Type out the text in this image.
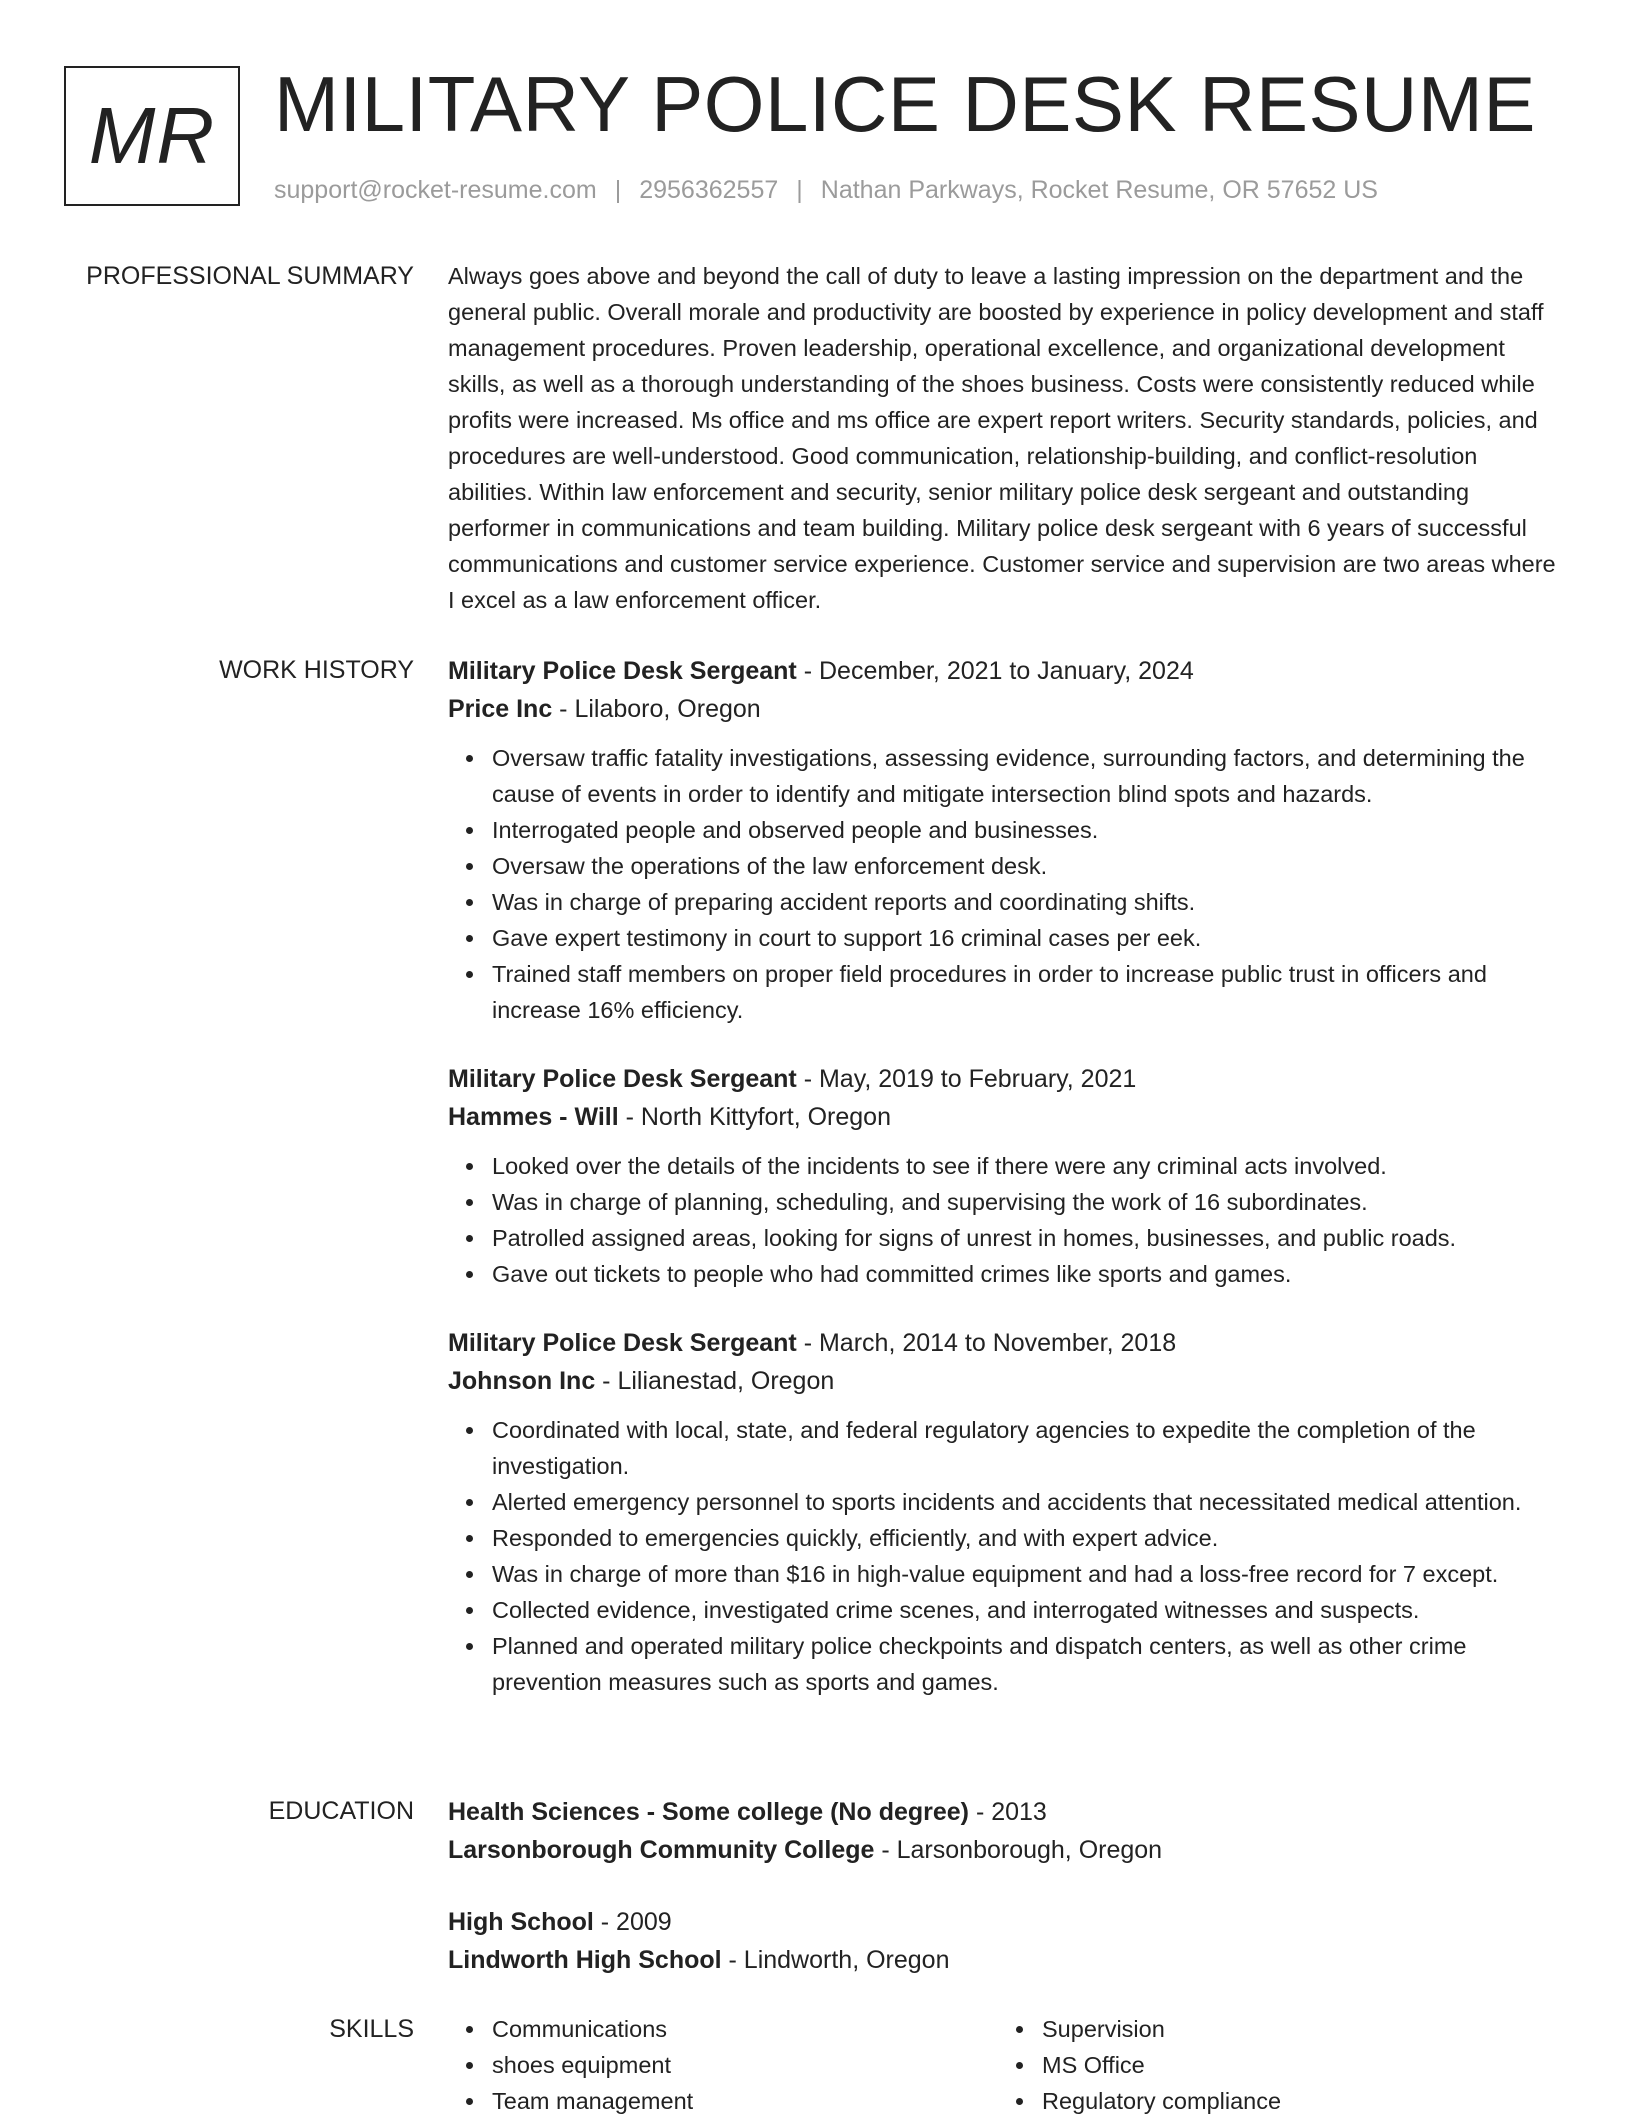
MR MILITARY POLICE DESK RESUME
support@rocket-resume.com | 2956362557 | Nathan Parkways, Rocket Resume, OR 57652 US
PROFESSIONAL SUMMARY Always goes above and beyond the call of duty to leave a lasting impression on the department and the general public. Overall morale and productivity are boosted by experience in policy development and staff management procedures. Proven leadership, operational excellence, and organizational development skills, as well as a thorough understanding of the shoes business. Costs were consistently reduced while profits were increased. Ms office and ms office are expert report writers. Security standards, policies, and procedures are well-understood. Good communication, relationship-building, and conflict-resolution abilities. Within law enforcement and security, senior military police desk sergeant and outstanding performer in communications and team building. Military police desk sergeant with 6 years of successful communications and customer service experience. Customer service and supervision are two areas where I excel as a law enforcement officer.

WORK HISTORY Military Police Desk Sergeant - December, 2021 to January, 2024
Price Inc - Lilaboro, Oregon
Oversaw traffic fatality investigations, assessing evidence, surrounding factors, and determining the cause of events in order to identify and mitigate intersection blind spots and hazards.
Interrogated people and observed people and businesses.
Oversaw the operations of the law enforcement desk.
Was in charge of preparing accident reports and coordinating shifts.
Gave expert testimony in court to support 16 criminal cases per eek.
Trained staff members on proper field procedures in order to increase public trust in officers and increase 16% efficiency.
Military Police Desk Sergeant - May, 2019 to February, 2021
Hammes - Will - North Kittyfort, Oregon
Looked over the details of the incidents to see if there were any criminal acts involved.
Was in charge of planning, scheduling, and supervising the work of 16 subordinates.
Patrolled assigned areas, looking for signs of unrest in homes, businesses, and public roads.
Gave out tickets to people who had committed crimes like sports and games.
Military Police Desk Sergeant - March, 2014 to November, 2018
Johnson Inc - Lilianestad, Oregon
Coordinated with local, state, and federal regulatory agencies to expedite the completion of the investigation.
Alerted emergency personnel to sports incidents and accidents that necessitated medical attention.
Responded to emergencies quickly, efficiently, and with expert advice.
Was in charge of more than $16 in high-value equipment and had a loss-free record for 7 except.
Collected evidence, investigated crime scenes, and interrogated witnesses and suspects.
Planned and operated military police checkpoints and dispatch centers, as well as other crime prevention measures such as sports and games.
EDUCATION Health Sciences - Some college (No degree) - 2013
Larsonborough Community College - Larsonborough, Oregon
High School - 2009
Lindworth High School - Lindworth, Oregon
SKILLS	Communications
shoes equipment
Team management
Supervision
MS Office
Regulatory compliance
